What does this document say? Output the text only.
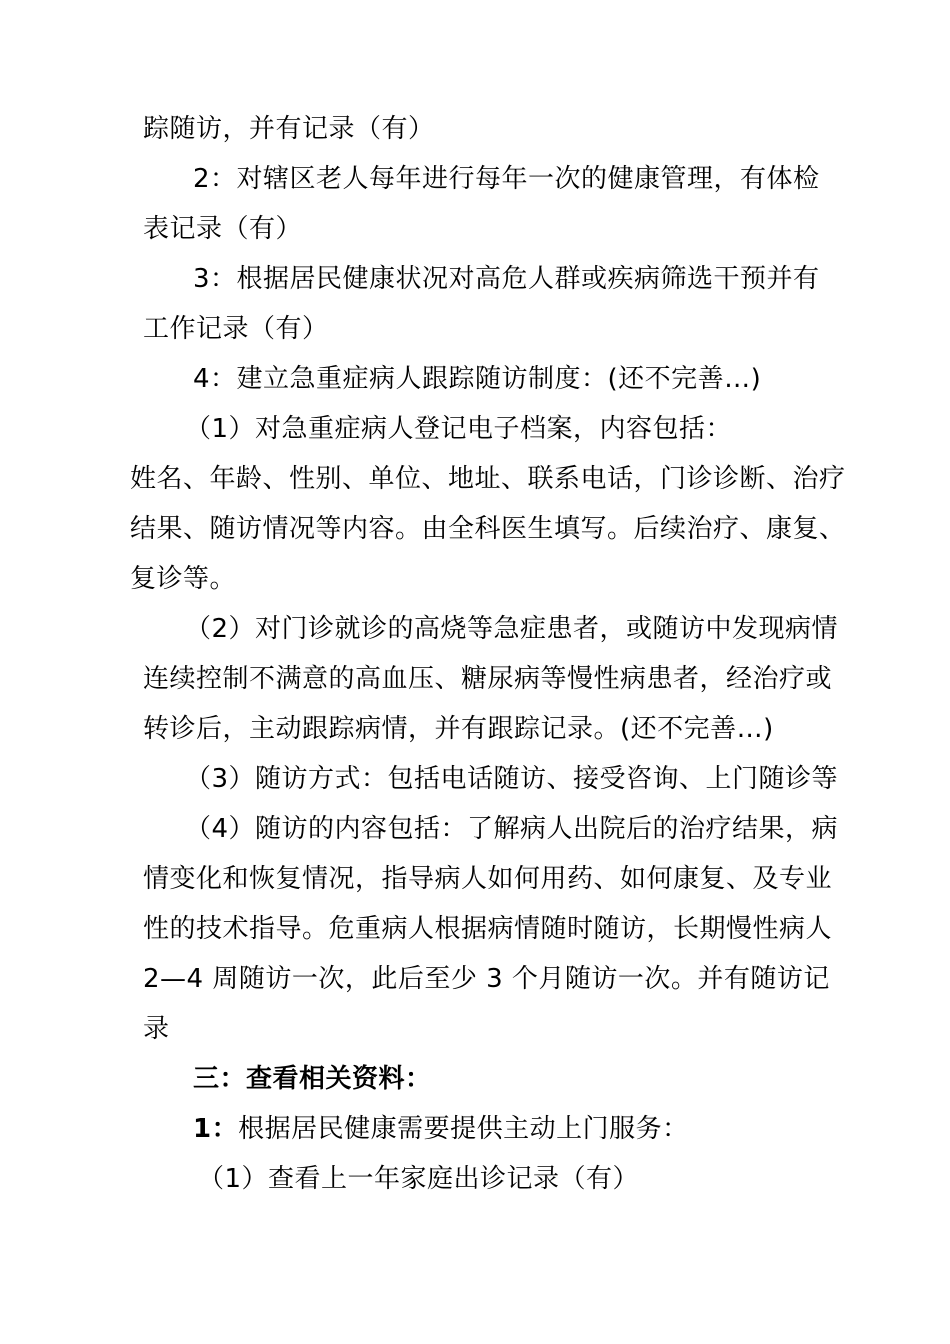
踪随访，并有记录（有）
2：对辖区老人每年进行每年一次的健康管理，有体检
表记录（有）
3：根据居民健康状况对高危人群或疾病筛选干预并有
工作记录（有）
4：建立急重症病人跟踪随访制度：(还不完善…)
（1）对急重症病人登记电子档案，内容包括：
姓名、年龄、性别、单位、地址、联系电话，门诊诊断、治疗
结果、随访情况等内容。由全科医生填写。后续治疗、康复、
复诊等。
（2）对门诊就诊的高烧等急症患者，或随访中发现病情
连续控制不满意的高血压、糖尿病等慢性病患者，经治疗或
转诊后，主动跟踪病情，并有跟踪记录。(还不完善…)
（3）随访方式：包括电话随访、接受咨询、上门随诊等
（4）随访的内容包括：了解病人出院后的治疗结果，病
情变化和恢复情况，指导病人如何用药、如何康复、及专业
性的技术指导。危重病人根据病情随时随访，长期慢性病人
2—4 周随访一次，此后至少 3 个月随访一次。并有随访记
录
三：查看相关资料：
1：根据居民健康需要提供主动上门服务：
（1）查看上一年家庭出诊记录（有）
